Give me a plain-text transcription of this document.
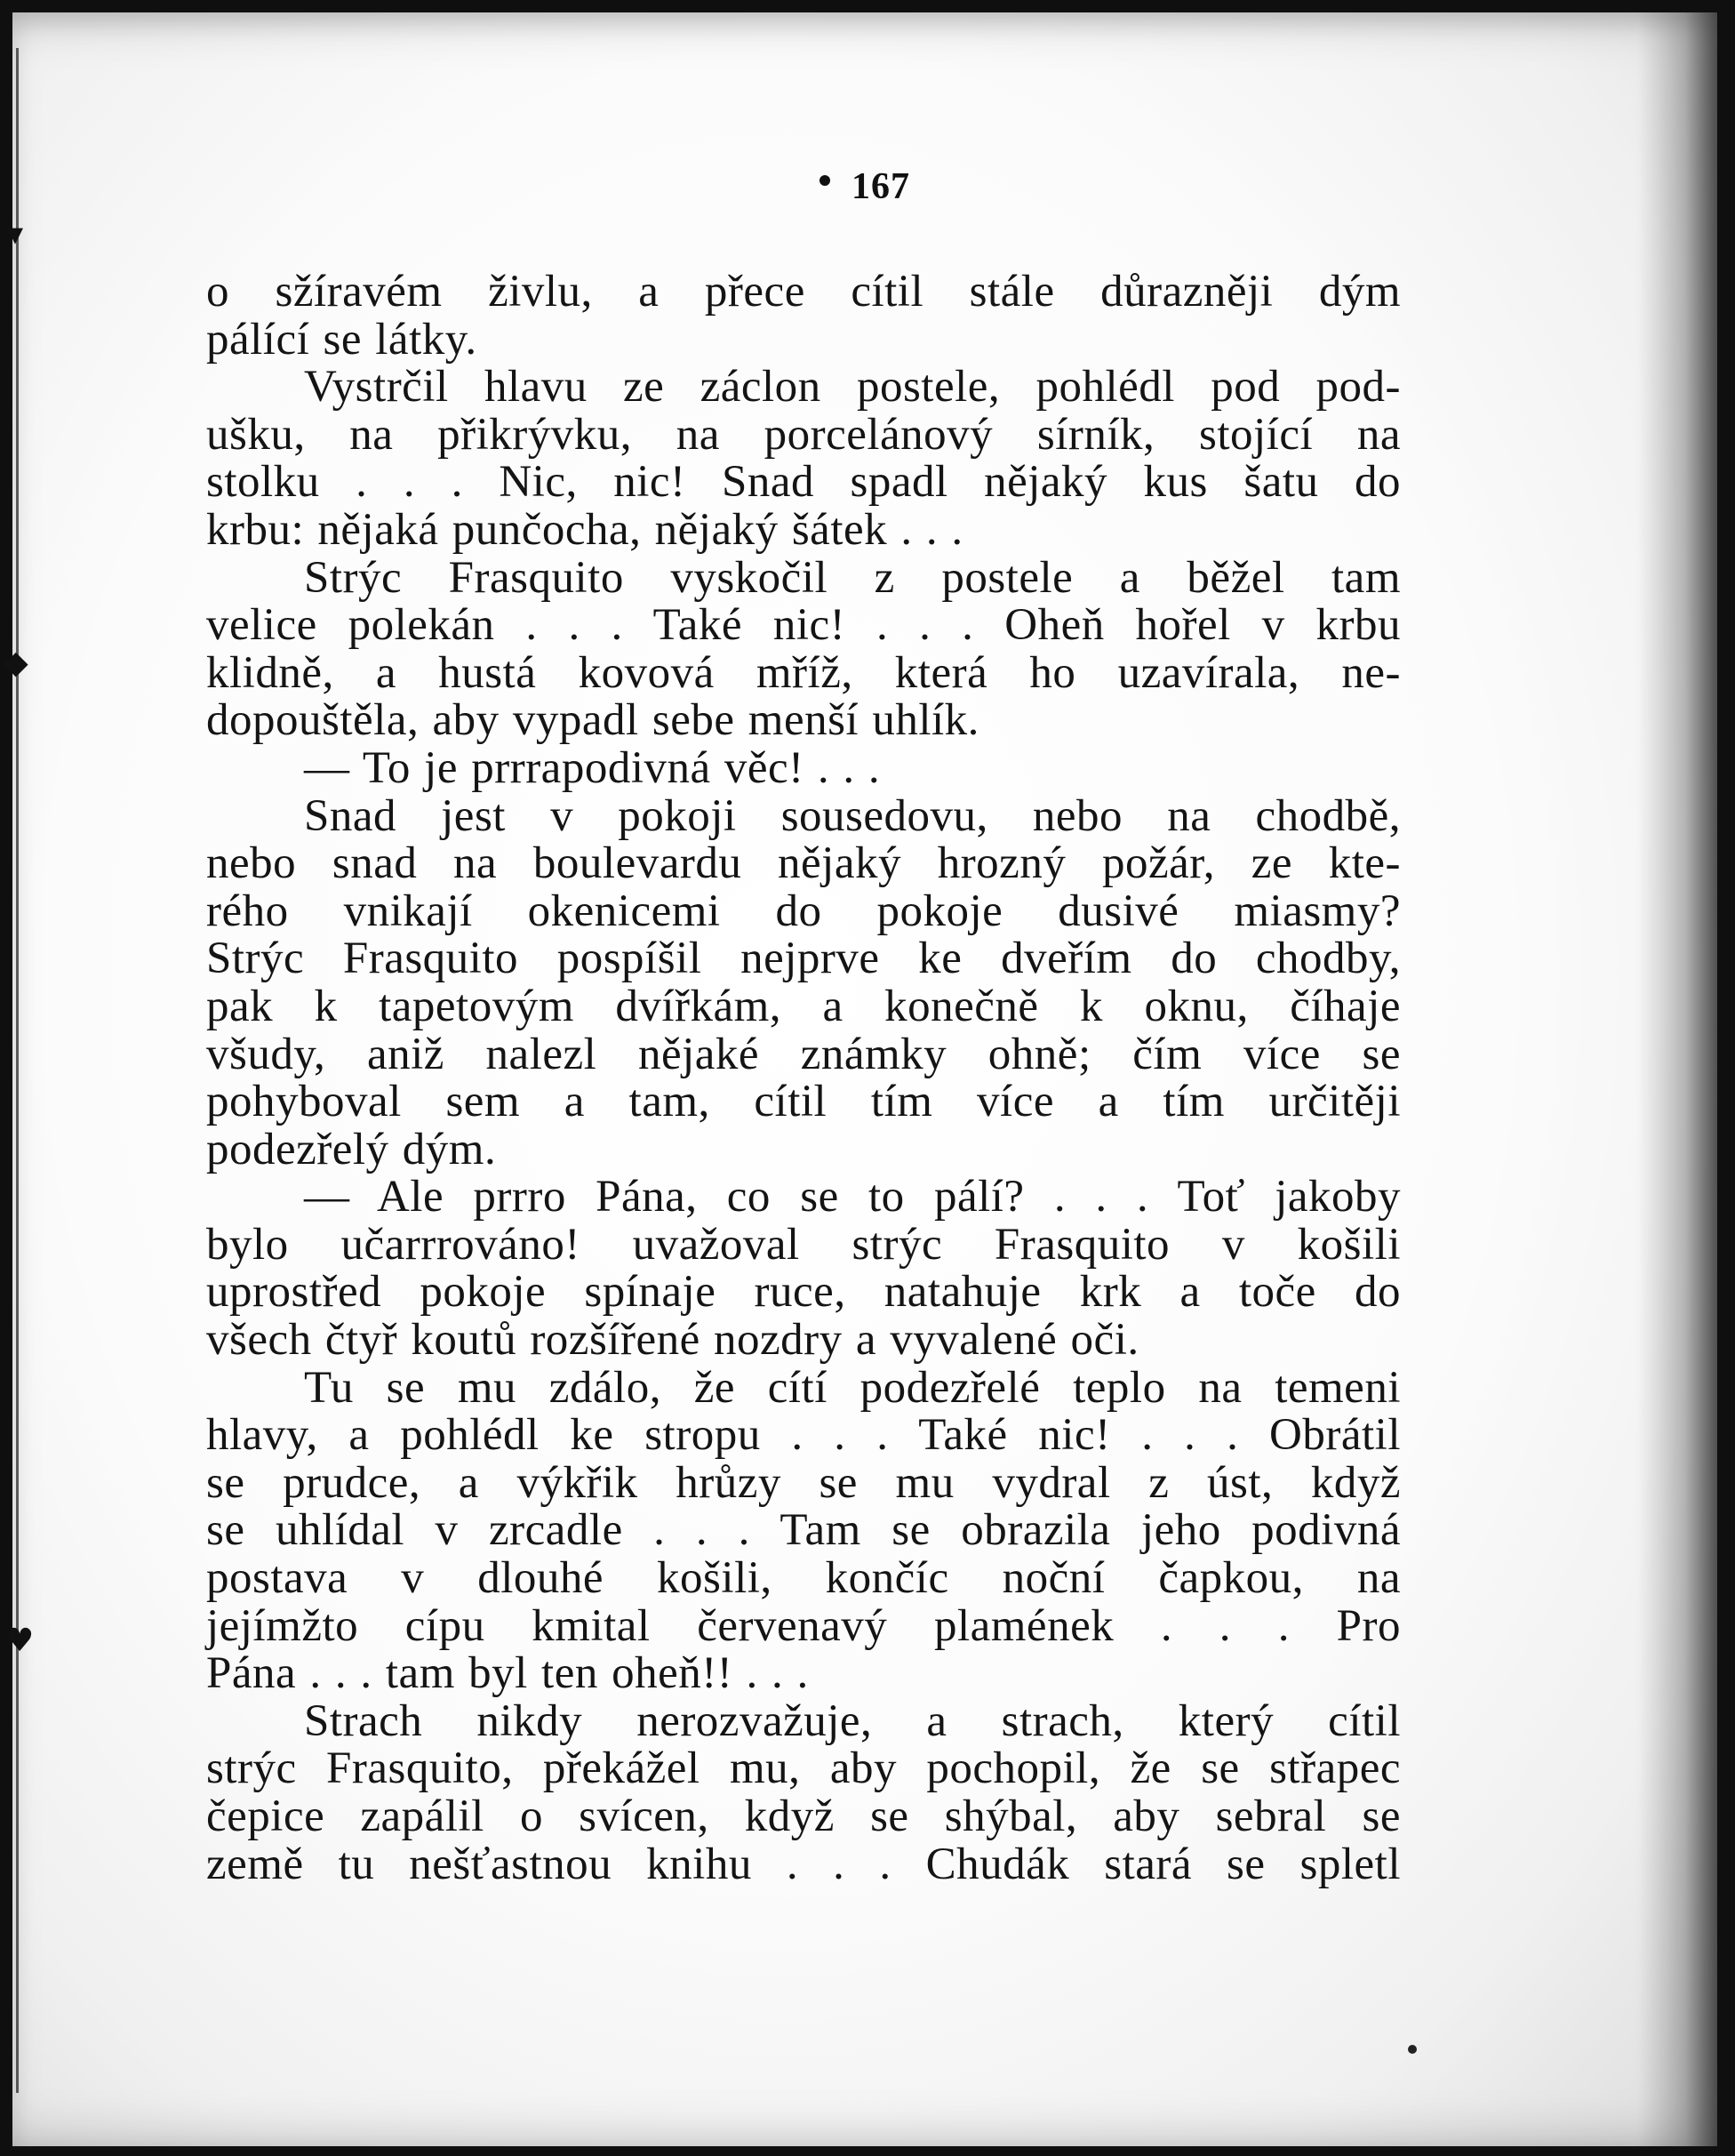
▾
◆
♥
167
o sžíravém živlu, a přece cítil stále důrazněji dým
pálící se látky.
Vystrčil hlavu ze záclon postele, pohlédl pod pod-
ušku, na přikrývku, na porcelánový sírník, stojící na
stolku . . . Nic, nic! Snad spadl nějaký kus šatu do
krbu: nějaká punčocha, nějaký šátek . . .
Strýc Frasquito vyskočil z postele a běžel tam
velice polekán . . . Také nic! . . . Oheň hořel v krbu
klidně, a hustá kovová mříž, která ho uzavírala, ne-
dopouštěla, aby vypadl sebe menší uhlík.
— To je prrrapodivná věc! . . .
Snad jest v pokoji sousedovu, nebo na chodbě,
nebo snad na boulevardu nějaký hrozný požár, ze kte-
rého vnikají okenicemi do pokoje dusivé miasmy?
Strýc Frasquito pospíšil nejprve ke dveřím do chodby,
pak k tapetovým dvířkám, a konečně k oknu, číhaje
všudy, aniž nalezl nějaké známky ohně; čím více se
pohyboval sem a tam, cítil tím více a tím určitěji
podezřelý dým.
— Ale prrro Pána, co se to pálí? . . . Toť jakoby
bylo učarrrováno! uvažoval strýc Frasquito v košili
uprostřed pokoje spínaje ruce, natahuje krk a toče do
všech čtyř koutů rozšířené nozdry a vyvalené oči.
Tu se mu zdálo, že cítí podezřelé teplo na temeni
hlavy, a pohlédl ke stropu . . . Také nic! . . . Obrátil
se prudce, a výkřik hrůzy se mu vydral z úst, když
se uhlídal v zrcadle . . . Tam se obrazila jeho podivná
postava v dlouhé košili, končíc noční čapkou, na
jejímžto cípu kmital červenavý plamének . . . Pro
Pána . . . tam byl ten oheň!! . . .
Strach nikdy nerozvažuje, a strach, který cítil
strýc Frasquito, překážel mu, aby pochopil, že se střapec
čepice zapálil o svícen, když se shýbal, aby sebral se
země tu nešťastnou knihu . . . Chudák stará se spletl
